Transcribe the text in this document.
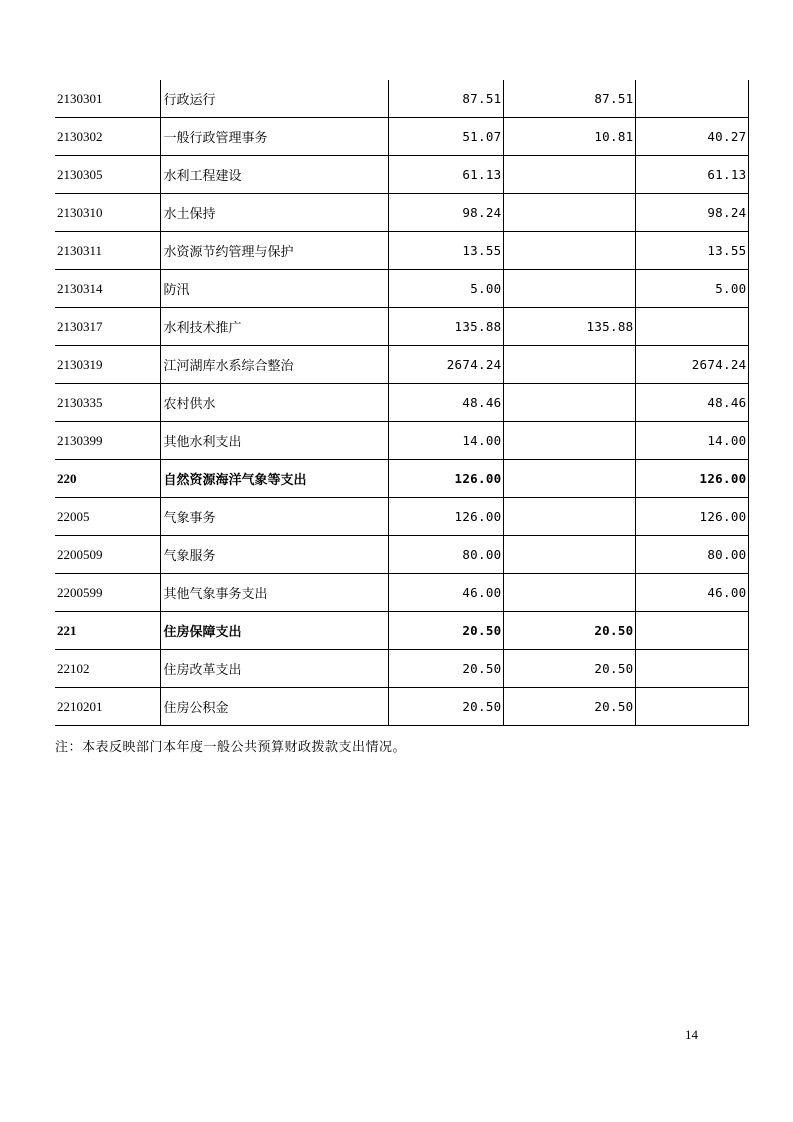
2130301	行政运行	87.51	87.51	
2130302	一般行政管理事务	51.07	10.81	40.27
2130305	水利工程建设	61.13		61.13
2130310	水土保持	98.24		98.24
2130311	水资源节约管理与保护	13.55		13.55
2130314	防汛	5.00		5.00
2130317	水利技术推广	135.88	135.88	
2130319	江河湖库水系综合整治	2674.24		2674.24
2130335	农村供水	48.46		48.46
2130399	其他水利支出	14.00		14.00
220	自然资源海洋气象等支出	126.00		126.00
22005	气象事务	126.00		126.00
2200509	气象服务	80.00		80.00
2200599	其他气象事务支出	46.00		46.00
221	住房保障支出	20.50	20.50	
22102	住房改革支出	20.50	20.50	
2210201	住房公积金	20.50	20.50	
注：本表反映部门本年度一般公共预算财政拨款支出情况。
14
